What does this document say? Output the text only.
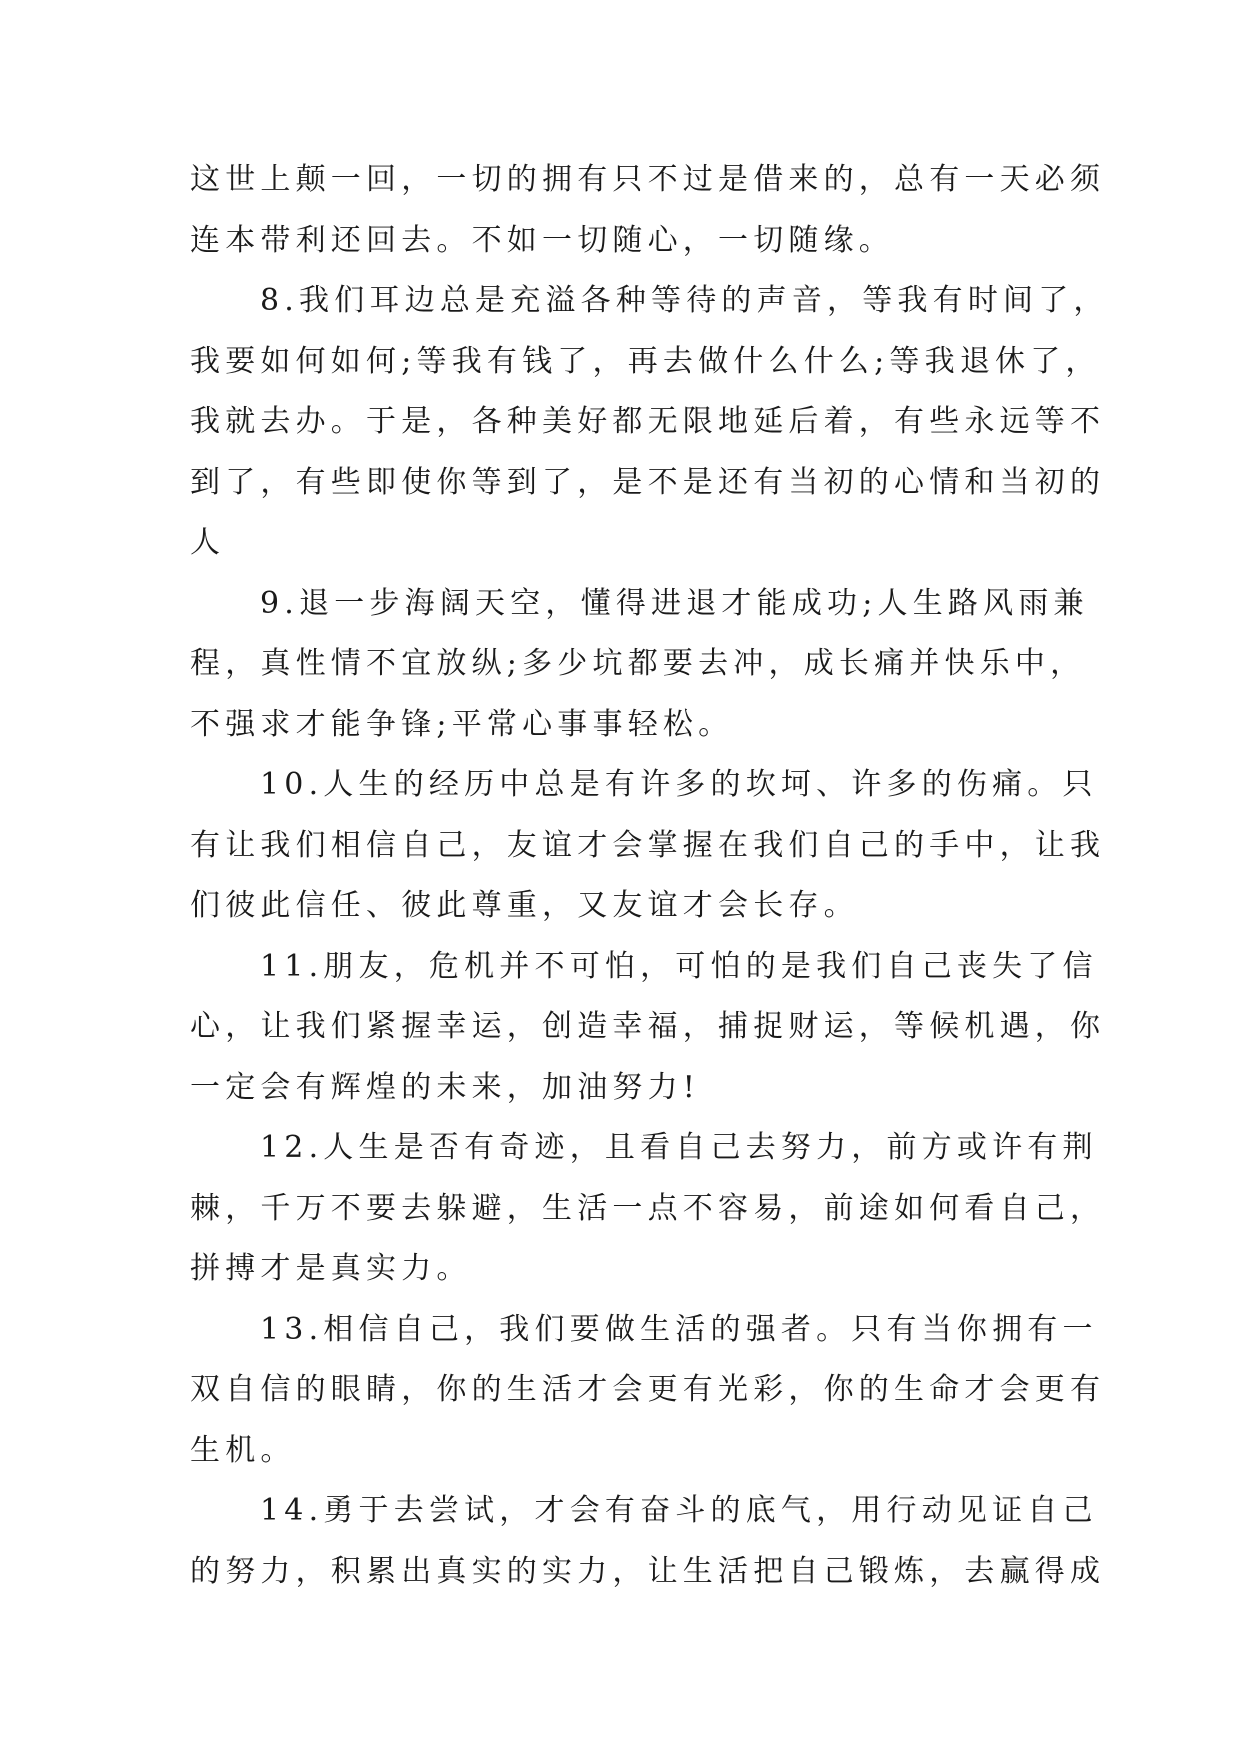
这世上颠一回，一切的拥有只不过是借来的，总有一天必须
连本带利还回去。不如一切随心，一切随缘。

8.我们耳边总是充溢各种等待的声音，等我有时间了，
我要如何如何;等我有钱了，再去做什么什么;等我退休了，
我就去办。于是，各种美好都无限地延后着，有些永远等不
到了，有些即使你等到了，是不是还有当初的心情和当初的
人

9.退一步海阔天空，懂得进退才能成功;人生路风雨兼
程，真性情不宜放纵;多少坑都要去冲，成长痛并快乐中，
不强求才能争锋;平常心事事轻松。

10.人生的经历中总是有许多的坎坷、许多的伤痛。只
有让我们相信自己，友谊才会掌握在我们自己的手中，让我
们彼此信任、彼此尊重，又友谊才会长存。

11.朋友，危机并不可怕，可怕的是我们自己丧失了信
心，让我们紧握幸运，创造幸福，捕捉财运，等候机遇，你
一定会有辉煌的未来，加油努力!

12.人生是否有奇迹，且看自己去努力，前方或许有荆
棘，千万不要去躲避，生活一点不容易，前途如何看自己，
拼搏才是真实力。

13.相信自己，我们要做生活的强者。只有当你拥有一
双自信的眼睛，你的生活才会更有光彩，你的生命才会更有
生机。

14.勇于去尝试，才会有奋斗的底气，用行动见证自己
的努力，积累出真实的实力，让生活把自己锻炼，去赢得成
